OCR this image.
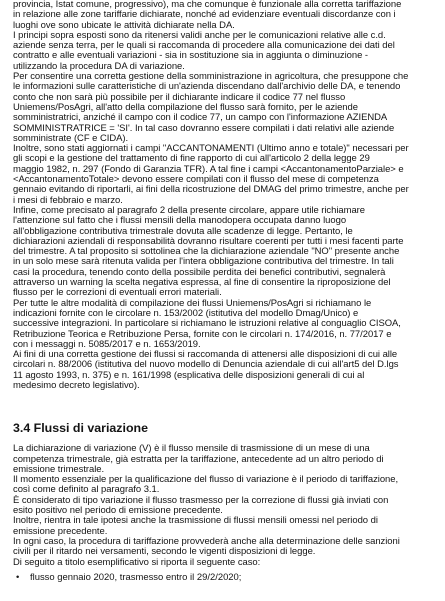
provincia, Istat comune, progressivo), ma che comunque è funzionale alla corretta tariffazione
in relazione alle zone tariffarie dichiarate, nonché ad evidenziare eventuali discordanze con i
luoghi ove sono ubicate le attività dichiarate nella DA.
I principi sopra esposti sono da ritenersi validi anche per le comunicazioni relative alle c.d.
aziende senza terra, per le quali si raccomanda di procedere alla comunicazione dei dati del
contratto e alle eventuali variazioni - sia in sostituzione sia in aggiunta o diminuzione -
utilizzando la procedura DA di variazione.
Per consentire una corretta gestione della somministrazione in agricoltura, che presuppone che
le informazioni sulle caratteristiche di un'azienda discendano dall'archivio delle DA, e tenendo
conto che non sarà più possibile per il dichiarante indicare il codice 77 nel flusso
Uniemens/PosAgri, all'atto della compilazione del flusso sarà fornito, per le aziende
somministratrici, anziché il campo con il codice 77, un campo con l'informazione AZIENDA
SOMMINISTRATRICE = 'SI'. In tal caso dovranno essere compilati i dati relativi alle aziende
somministrate (CF e CIDA).
Inoltre, sono stati aggiornati i campi "ACCANTONAMENTI (Ultimo anno e totale)" necessari per
gli scopi e la gestione del trattamento di fine rapporto di cui all'articolo 2 della legge 29
maggio 1982, n. 297 (Fondo di Garanzia TFR). A tal fine i campi <AccantonamentoParziale> e
<AccantonamentoTotale> devono essere compilati con il flusso del mese di competenza
gennaio evitando di riportarli, ai fini della ricostruzione del DMAG del primo trimestre, anche per
i mesi di febbraio e marzo.
Infine, come precisato al paragrafo 2 della presente circolare, appare utile richiamare
l'attenzione sul fatto che i flussi mensili della manodopera occupata danno luogo
all'obbligazione contributiva trimestrale dovuta alle scadenze di legge. Pertanto, le
dichiarazioni aziendali di responsabilità dovranno risultare coerenti per tutti i mesi facenti parte
del trimestre. A tal proposito si sottolinea che la dichiarazione aziendale "NO" presente anche
in un solo mese sarà ritenuta valida per l'intera obbligazione contributiva del trimestre. In tali
casi la procedura, tenendo conto della possibile perdita dei benefici contributivi, segnalerà
attraverso un warning la scelta negativa espressa, al fine di consentire la riproposizione del
flusso per le correzioni di eventuali errori materiali.
Per tutte le altre modalità di compilazione dei flussi Uniemens/PosAgri si richiamano le
indicazioni fornite con le circolare n. 153/2002 (istitutiva del modello Dmag/Unico) e
successive integrazioni. In particolare si richiamano le istruzioni relative al conguaglio CISOA,
Retribuzione Teorica e Retribuzione Persa, fornite con le circolari n. 174/2016, n. 77/2017 e
con i messaggi n. 5085/2017 e n. 1653/2019.
Ai fini di una corretta gestione dei flussi si raccomanda di attenersi alle disposizioni di cui alle
circolari n. 88/2006 (istitutiva del nuovo modello di Denuncia aziendale di cui all'art5 del D.lgs
11 agosto 1993, n. 375) e n. 161/1998 (esplicativa delle disposizioni generali di cui al
medesimo decreto legislativo).
3.4 Flussi di variazione
La dichiarazione di variazione (V) è il flusso mensile di trasmissione di un mese di una
competenza trimestrale, già estratta per la tariffazione, antecedente ad un altro periodo di
emissione trimestrale.
Il momento essenziale per la qualificazione del flusso di variazione è il periodo di tariffazione,
così come definito al paragrafo 3.1.
È considerato di tipo variazione il flusso trasmesso per la correzione di flussi già inviati con
esito positivo nel periodo di emissione precedente.
Inoltre, rientra in tale ipotesi anche la trasmissione di flussi mensili omessi nel periodo di
emissione precedente.
In ogni caso, la procedura di tariffazione provvederà anche alla determinazione delle sanzioni
civili per il ritardo nei versamenti, secondo le vigenti disposizioni di legge.
Di seguito a titolo esemplificativo si riporta il seguente caso:
•	flusso gennaio 2020, trasmesso entro il 29/2/2020;
